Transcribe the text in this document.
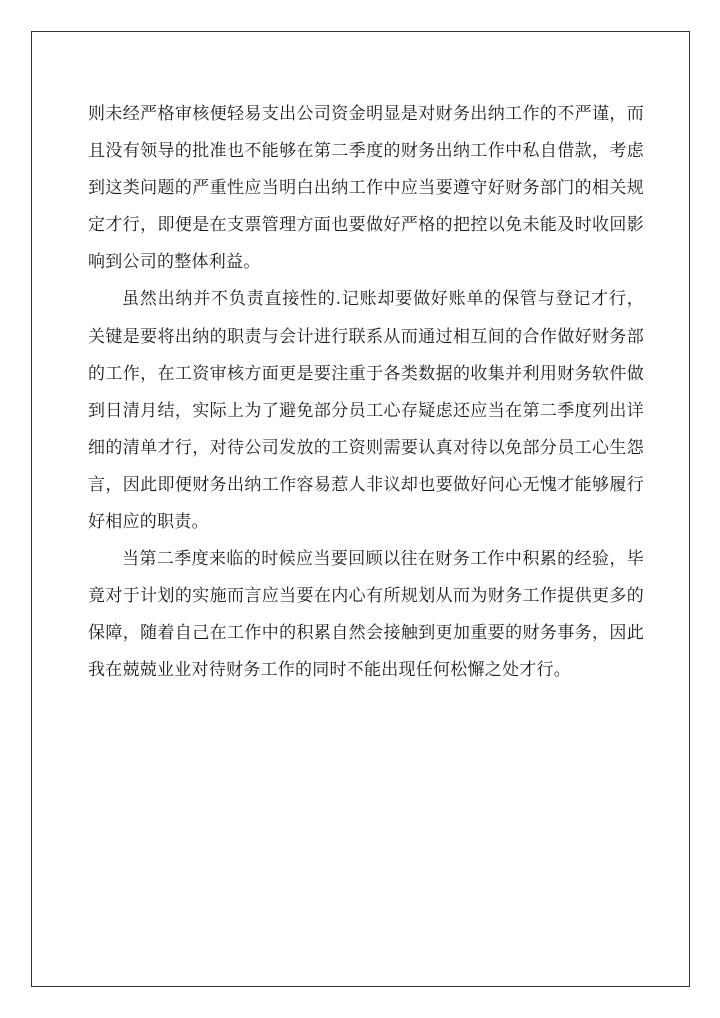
则未经严格审核便轻易支出公司资金明显是对财务出纳工作的不严谨，而且没有领导的批准也不能够在第二季度的财务出纳工作中私自借款，考虑到这类问题的严重性应当明白出纳工作中应当要遵守好财务部门的相关规定才行，即便是在支票管理方面也要做好严格的把控以免未能及时收回影响到公司的整体利益。

虽然出纳并不负责直接性的.记账却要做好账单的保管与登记才行，关键是要将出纳的职责与会计进行联系从而通过相互间的合作做好财务部的工作，在工资审核方面更是要注重于各类数据的收集并利用财务软件做到日清月结，实际上为了避免部分员工心存疑虑还应当在第二季度列出详细的清单才行，对待公司发放的工资则需要认真对待以免部分员工心生怨言，因此即便财务出纳工作容易惹人非议却也要做好问心无愧才能够履行好相应的职责。

当第二季度来临的时候应当要回顾以往在财务工作中积累的经验，毕竟对于计划的实施而言应当要在内心有所规划从而为财务工作提供更多的保障，随着自己在工作中的积累自然会接触到更加重要的财务事务，因此我在兢兢业业对待财务工作的同时不能出现任何松懈之处才行。
